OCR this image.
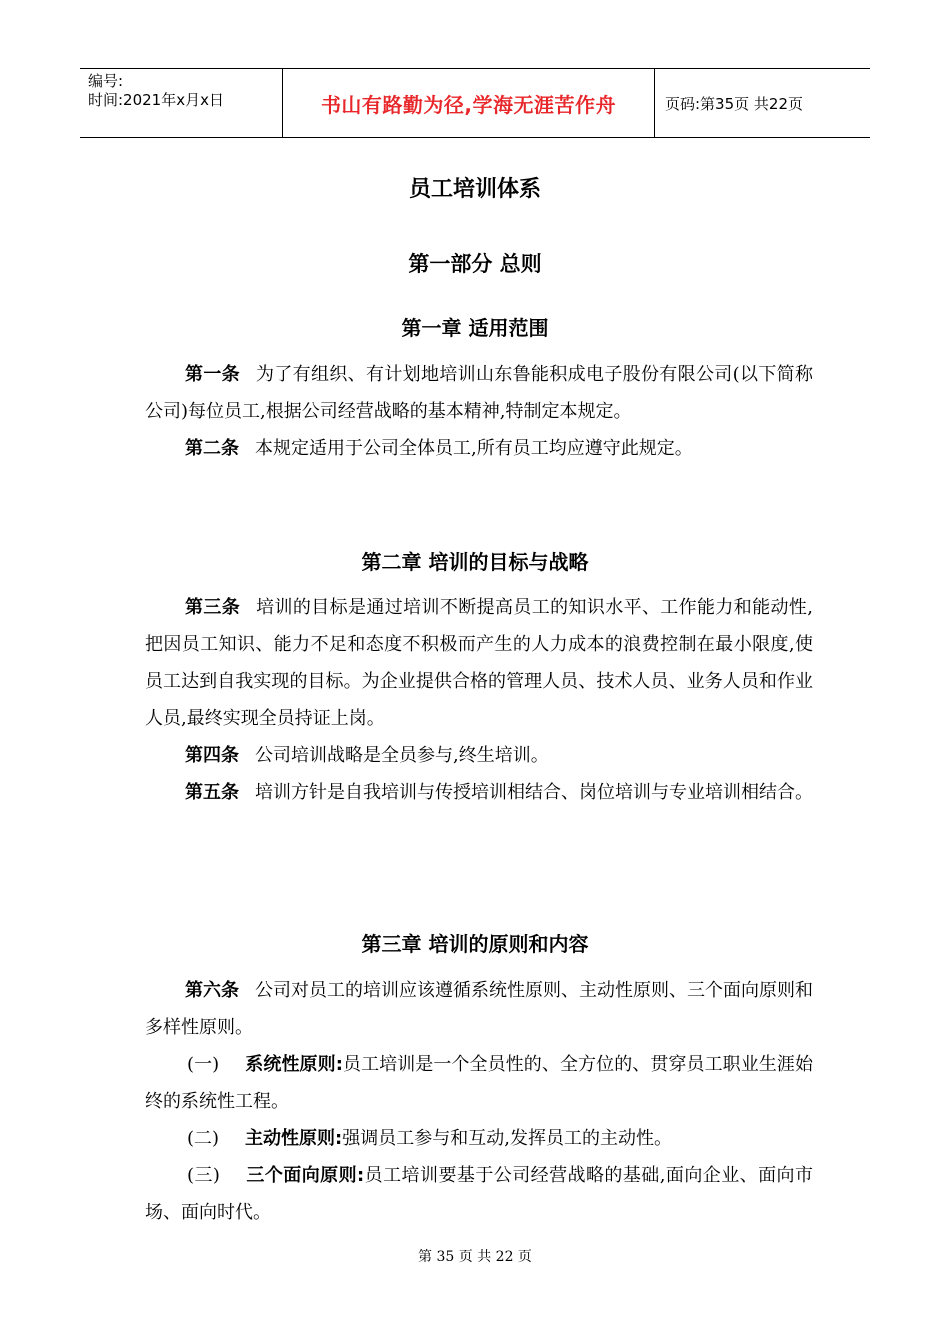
编号:
时间:2021年x月x日	书山有路勤为径,学海无涯苦作舟	页码:第35页 共22页
员工培训体系
第一部分 总则
第一章 适用范围
第一条 为了有组织、有计划地培训山东鲁能积成电子股份有限公司(以下简称公司)每位员工,根据公司经营战略的基本精神,特制定本规定。
第二条 本规定适用于公司全体员工,所有员工均应遵守此规定。
第二章 培训的目标与战略
第三条 培训的目标是通过培训不断提高员工的知识水平、工作能力和能动性,把因员工知识、能力不足和态度不积极而产生的人力成本的浪费控制在最小限度,使员工达到自我实现的目标。为企业提供合格的管理人员、技术人员、业务人员和作业人员,最终实现全员持证上岗。
第四条 公司培训战略是全员参与,终生培训。
第五条 培训方针是自我培训与传授培训相结合、岗位培训与专业培训相结合。
第三章 培训的原则和内容
第六条 公司对员工的培训应该遵循系统性原则、主动性原则、三个面向原则和多样性原则。
(一) 系统性原则:员工培训是一个全员性的、全方位的、贯穿员工职业生涯始终的系统性工程。
(二) 主动性原则:强调员工参与和互动,发挥员工的主动性。
(三) 三个面向原则:员工培训要基于公司经营战略的基础,面向企业、面向市场、面向时代。
第 35 页 共 22 页
